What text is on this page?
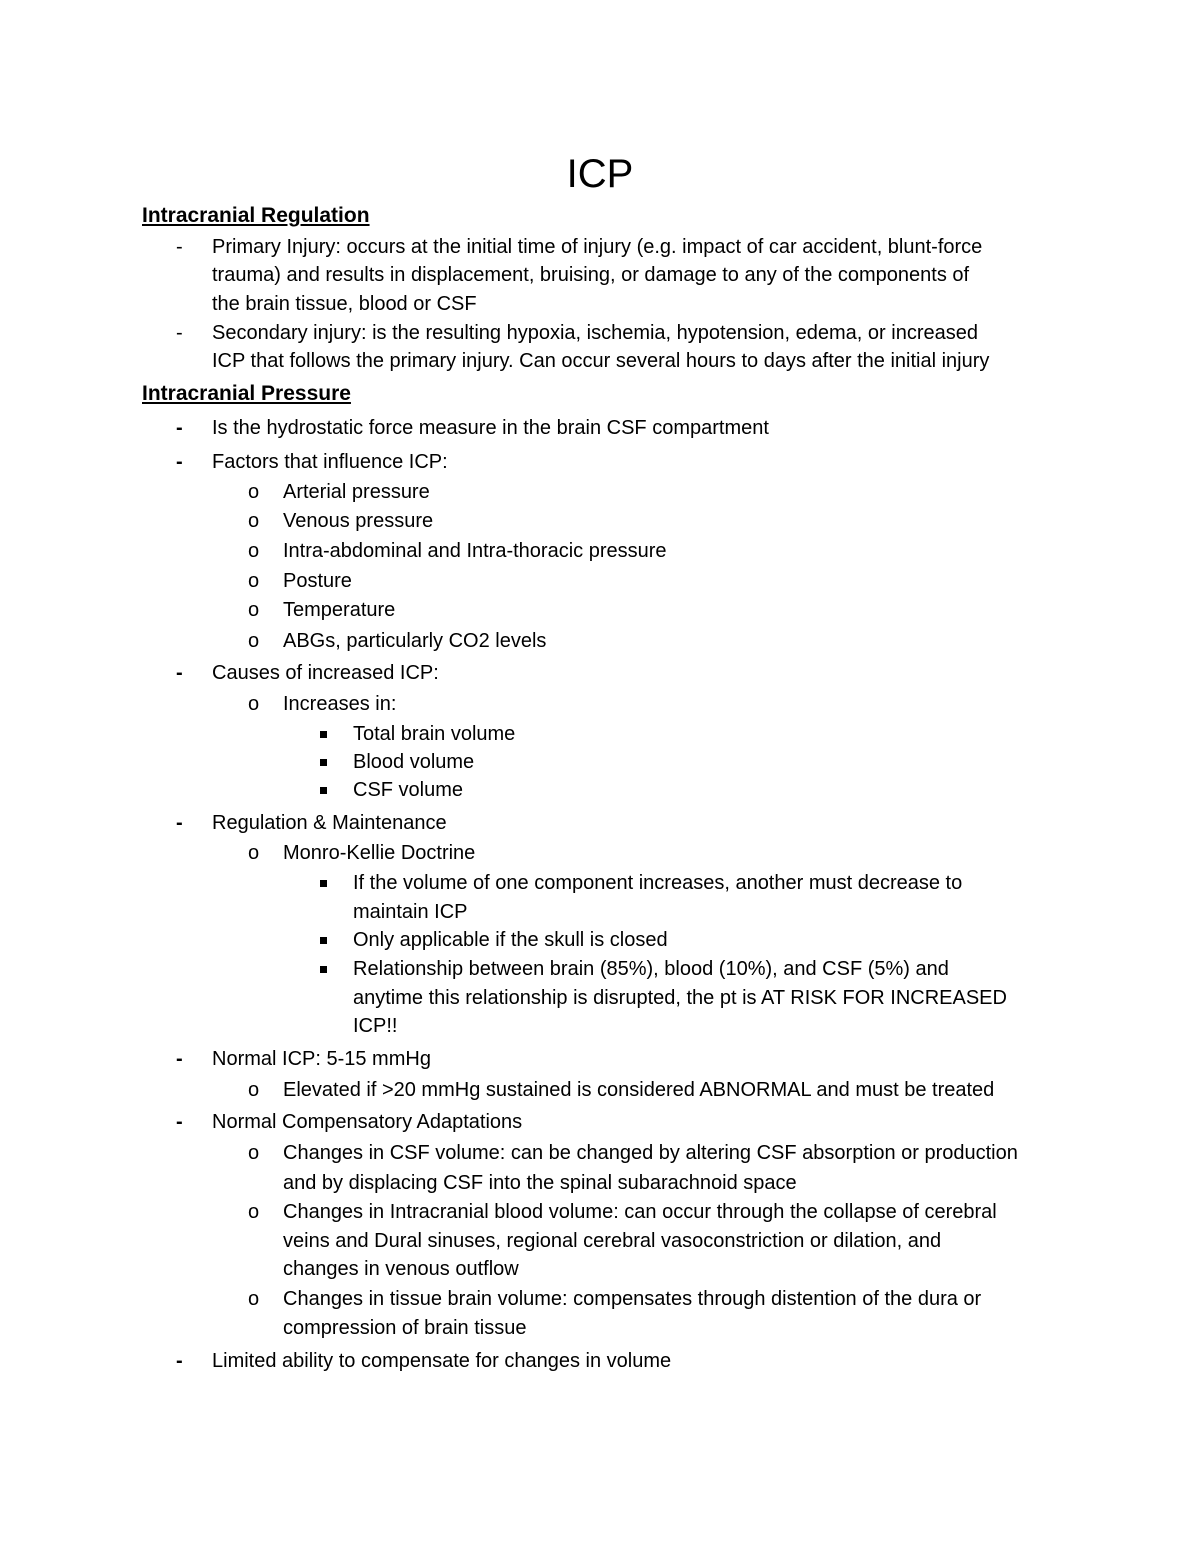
ICP
Intracranial Regulation
- Primary Injury: occurs at the initial time of injury (e.g. impact of car accident, blunt-force
trauma) and results in displacement, bruising, or damage to any of the components of
the brain tissue, blood or CSF
- Secondary injury: is the resulting hypoxia, ischemia, hypotension, edema, or increased
ICP that follows the primary injury. Can occur several hours to days after the initial injury
Intracranial Pressure
- Is the hydrostatic force measure in the brain CSF compartment
- Factors that influence ICP:
o Arterial pressure
o Venous pressure
o Intra-abdominal and Intra-thoracic pressure
o Posture
o Temperature
o ABGs, particularly CO2 levels
- Causes of increased ICP:
o Increases in:
Total brain volume
Blood volume
CSF volume
- Regulation & Maintenance
o Monro-Kellie Doctrine
If the volume of one component increases, another must decrease to
maintain ICP
Only applicable if the skull is closed
Relationship between brain (85%), blood (10%), and CSF (5%) and
anytime this relationship is disrupted, the pt is AT RISK FOR INCREASED
ICP!!
- Normal ICP: 5-15 mmHg
o Elevated if >20 mmHg sustained is considered ABNORMAL and must be treated
- Normal Compensatory Adaptations
o Changes in CSF volume: can be changed by altering CSF absorption or production
and by displacing CSF into the spinal subarachnoid space
o Changes in Intracranial blood volume: can occur through the collapse of cerebral
veins and Dural sinuses, regional cerebral vasoconstriction or dilation, and
changes in venous outflow
o Changes in tissue brain volume: compensates through distention of the dura or
compression of brain tissue
- Limited ability to compensate for changes in volume
